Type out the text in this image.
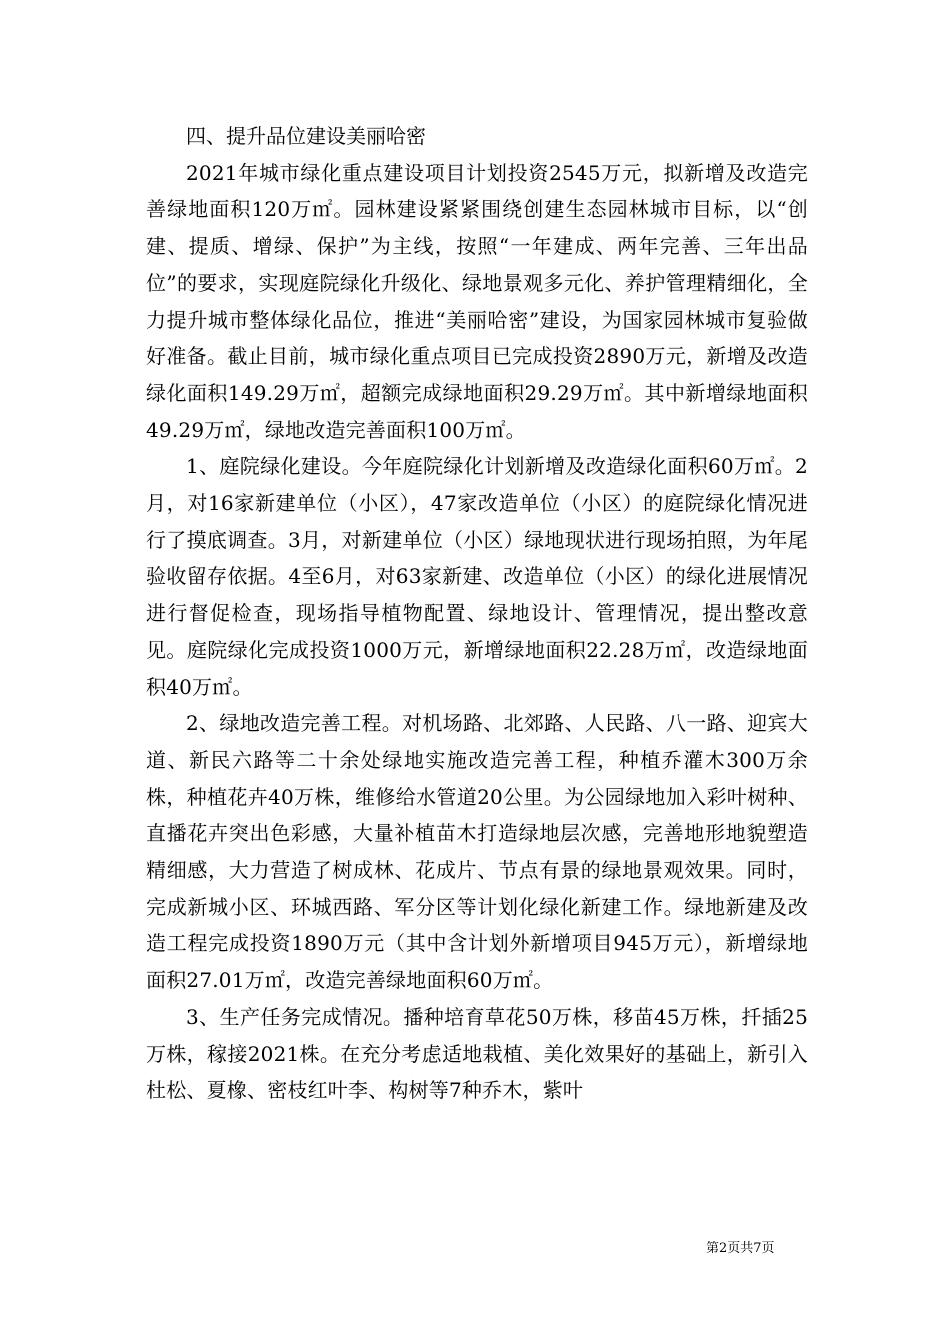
四、提升品位建设美丽哈密

2021年城市绿化重点建设项目计划投资2545万元，拟新增及改造完善绿地面积120万㎡。园林建设紧紧围绕创建生态园林城市目标，以“创建、提质、增绿、保护”为主线，按照“一年建成、两年完善、三年出品位”的要求，实现庭院绿化升级化、绿地景观多元化、养护管理精细化，全力提升城市整体绿化品位，推进“美丽哈密”建设，为国家园林城市复验做好准备。截止目前，城市绿化重点项目已完成投资2890万元，新增及改造绿化面积149.29万㎡，超额完成绿地面积29.29万㎡。其中新增绿地面积49.29万㎡，绿地改造完善面积100万㎡。

1、庭院绿化建设。今年庭院绿化计划新增及改造绿化面积60万㎡。2月，对16家新建单位（小区），47家改造单位（小区）的庭院绿化情况进行了摸底调查。3月，对新建单位（小区）绿地现状进行现场拍照，为年尾验收留存依据。4至6月，对63家新建、改造单位（小区）的绿化进展情况进行督促检查，现场指导植物配置、绿地设计、管理情况，提出整改意见。庭院绿化完成投资1000万元，新增绿地面积22.28万㎡，改造绿地面积40万㎡。

2、绿地改造完善工程。对机场路、北郊路、人民路、八一路、迎宾大道、新民六路等二十余处绿地实施改造完善工程，种植乔灌木300万余株，种植花卉40万株，维修给水管道20公里。为公园绿地加入彩叶树种、直播花卉突出色彩感，大量补植苗木打造绿地层次感，完善地形地貌塑造精细感，大力营造了树成林、花成片、节点有景的绿地景观效果。同时，完成新城小区、环城西路、军分区等计划化绿化新建工作。绿地新建及改造工程完成投资1890万元（其中含计划外新增项目945万元），新增绿地面积27.01万㎡，改造完善绿地面积60万㎡。

3、生产任务完成情况。播种培育草花50万株，移苗45万株，扦插25万株，稼接2021株。在充分考虑适地栽植、美化效果好的基础上，新引入杜松、夏橡、密枝红叶李、构树等7种乔木，紫叶

第2页共7页
